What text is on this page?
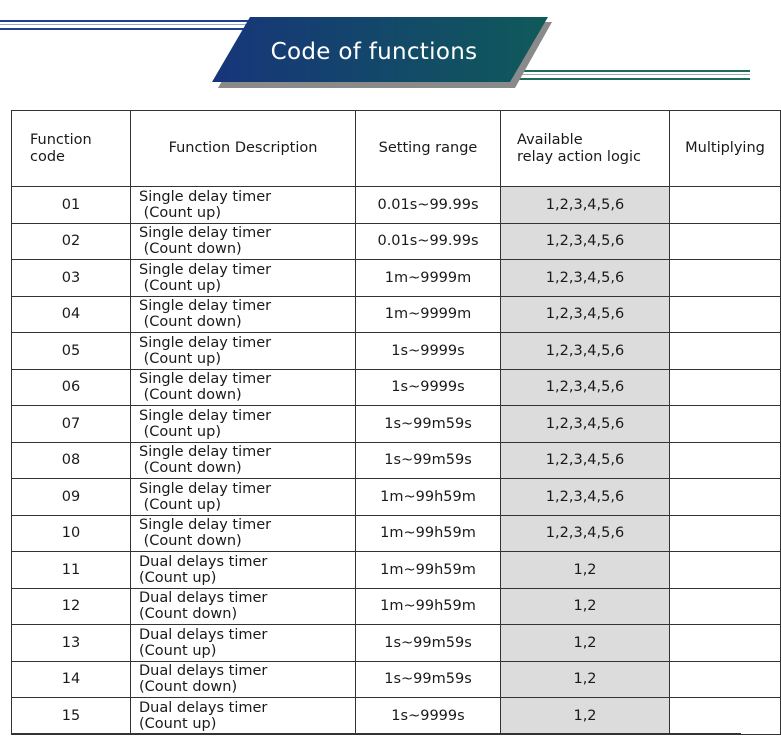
Code of functions
Function
code	Function Description	Setting range	Available
relay action logic	Multiplying
01	Single delay timer
(Count up)	0.01s~99.99s	1,2,3,4,5,6	
02	Single delay timer
(Count down)	0.01s~99.99s	1,2,3,4,5,6	
03	Single delay timer
(Count up)	1m~9999m	1,2,3,4,5,6	
04	Single delay timer
(Count down)	1m~9999m	1,2,3,4,5,6	
05	Single delay timer
(Count up)	1s~9999s	1,2,3,4,5,6	
06	Single delay timer
(Count down)	1s~9999s	1,2,3,4,5,6	
07	Single delay timer
(Count up)	1s~99m59s	1,2,3,4,5,6	
08	Single delay timer
(Count down)	1s~99m59s	1,2,3,4,5,6	
09	Single delay timer
(Count up)	1m~99h59m	1,2,3,4,5,6	
10	Single delay timer
(Count down)	1m~99h59m	1,2,3,4,5,6	
11	Dual delays timer
(Count up)	1m~99h59m	1,2	
12	Dual delays timer
(Count down)	1m~99h59m	1,2	
13	Dual delays timer
(Count up)	1s~99m59s	1,2	
14	Dual delays timer
(Count down)	1s~99m59s	1,2	
15	Dual delays timer
(Count up)	1s~9999s	1,2	
